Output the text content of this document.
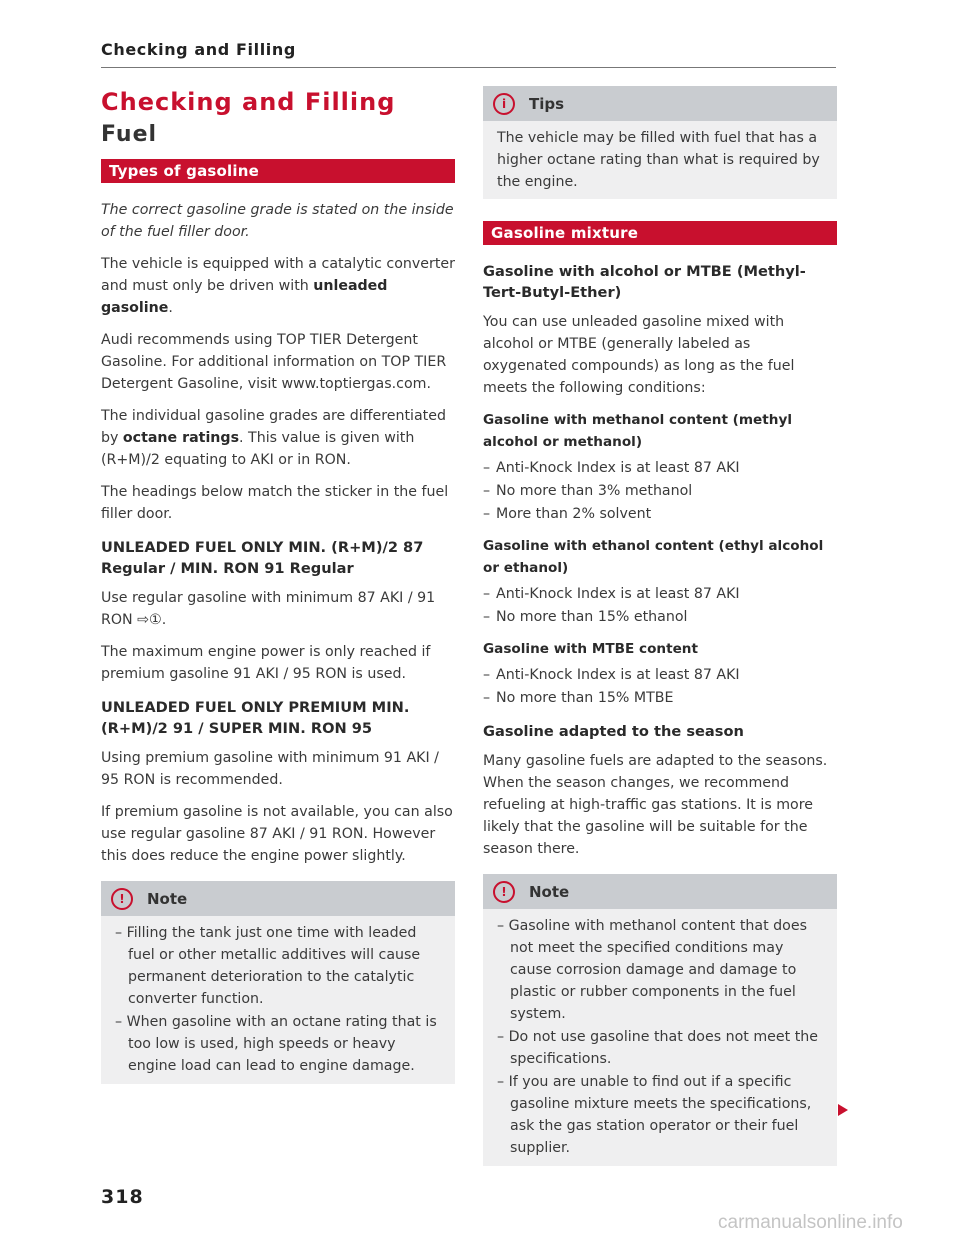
Checking and Filling
Checking and Filling
Fuel
Types of gasoline

The correct gasoline grade is stated on the inside of the fuel filler door.

The vehicle is equipped with a catalytic converter and must only be driven with unleaded gasoline.

Audi recommends using TOP TIER Detergent Gasoline. For additional information on TOP TIER Detergent Gasoline, visit www.toptiergas.com.

The individual gasoline grades are differentiated by octane ratings. This value is given with (R+M)/2 equating to AKI or in RON.

The headings below match the sticker in the fuel filler door.

UNLEADED FUEL ONLY MIN. (R+M)/2 87 Regular / MIN. RON 91 Regular

Use regular gasoline with minimum 87 AKI / 91 RON ⇨①.

The maximum engine power is only reached if premium gasoline 91 AKI / 95 RON is used.

UNLEADED FUEL ONLY PREMIUM MIN. (R+M)/2 91 / SUPER MIN. RON 95

Using premium gasoline with minimum 91 AKI / 95 RON is recommended.

If premium gasoline is not available, you can also use regular gasoline 87 AKI / 91 RON. However this does reduce the engine power slightly.

!	Note
– Filling the tank just one time with leaded fuel or other metallic additives will cause permanent deterioration to the catalytic converter function.
– When gasoline with an octane rating that is too low is used, high speeds or heavy engine load can lead to engine damage.
i	Tips

The vehicle may be filled with fuel that has a higher octane rating than what is required by the engine.

Gasoline mixture
Gasoline with alcohol or MTBE (Methyl-Tert-Butyl-Ether)

You can use unleaded gasoline mixed with alcohol or MTBE (generally labeled as oxygenated compounds) as long as the fuel meets the following conditions:

Gasoline with methanol content (methyl alcohol or methanol)
– Anti-Knock Index is at least 87 AKI
– No more than 3% methanol
– More than 2% solvent
Gasoline with ethanol content (ethyl alcohol or ethanol)
– Anti-Knock Index is at least 87 AKI
– No more than 15% ethanol
Gasoline with MTBE content
– Anti-Knock Index is at least 87 AKI
– No more than 15% MTBE
Gasoline adapted to the season

Many gasoline fuels are adapted to the seasons. When the season changes, we recommend refueling at high-traffic gas stations. It is more likely that the gasoline will be suitable for the season there.

!	Note
– Gasoline with methanol content that does not meet the specified conditions may cause corrosion damage and damage to plastic or rubber components in the fuel system.
– Do not use gasoline that does not meet the specifications.
– If you are unable to find out if a specific gasoline mixture meets the specifications, ask the gas station operator or their fuel supplier.
318
carmanualsonline.info
